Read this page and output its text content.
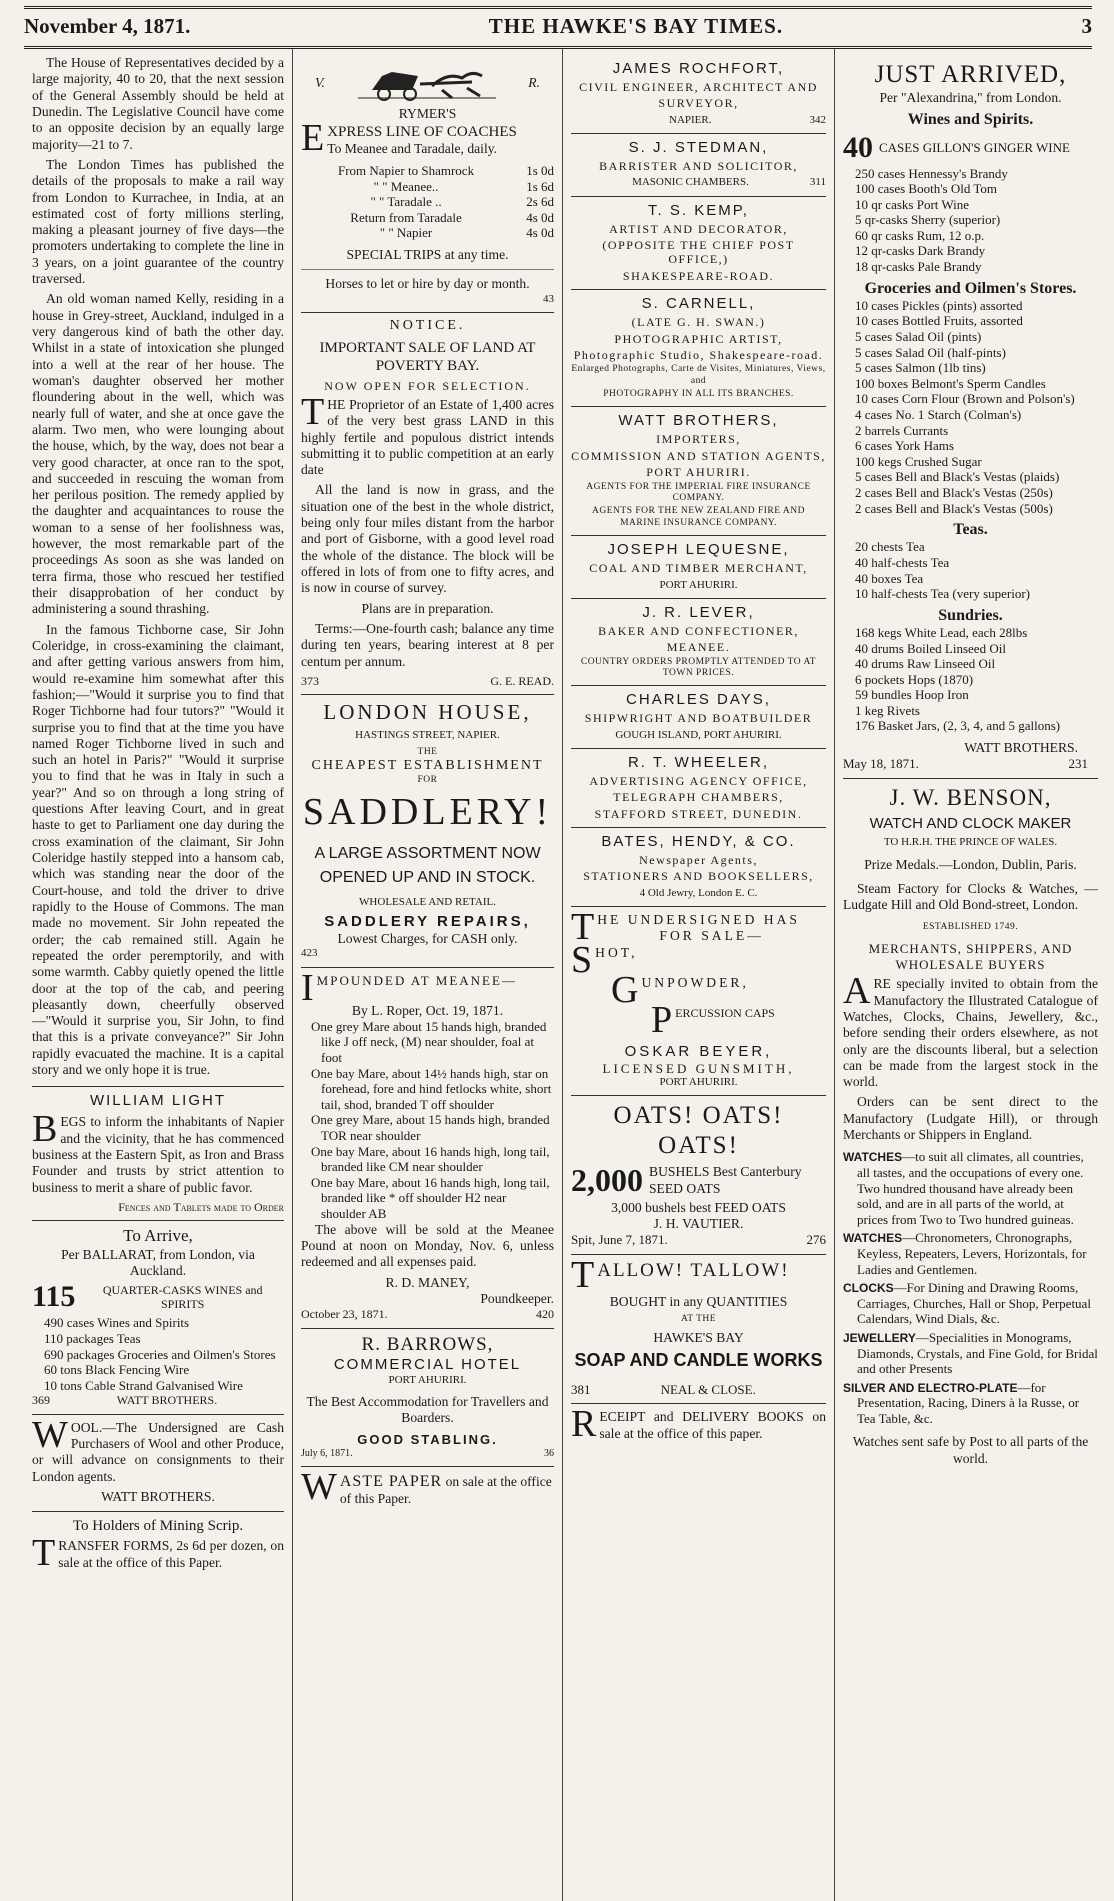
November 4, 1871.	THE HAWKE'S BAY TIMES.	3

The House of Representatives decided by a large majority, 40 to 20, that the next session of the General Assembly should be held at Dunedin. The Legislative Council have come to an opposite decision by an equally large majority—21 to 7.

The London Times has published the details of the proposals to make a rail way from London to Kurrachee, in India, at an estimated cost of forty millions sterling, making a pleasant journey of five days—the promoters undertaking to complete the line in 3 years, on a joint guarantee of the country traversed.

An old woman named Kelly, residing in a house in Grey-street, Auckland, indulged in a very dangerous kind of bath the other day. Whilst in a state of intoxication she plunged into a well at the rear of her house. The woman's daughter observed her mother floundering about in the well, which was nearly full of water, and she at once gave the alarm. Two men, who were lounging about the house, which, by the way, does not bear a very good character, at once ran to the spot, and succeeded in rescuing the woman from her perilous position. The remedy applied by the daughter and acquaintances to rouse the woman to a sense of her foolishness was, however, the most remarkable part of the proceedings As soon as she was landed on terra firma, those who rescued her testified their disapprobation of her conduct by administering a sound thrashing.

In the famous Tichborne case, Sir John Coleridge, in cross-examining the claimant, and after getting various answers from him, would re-examine him somewhat after this fashion;—"Would it surprise you to find that Roger Tichborne had four tutors?" "Would it surprise you to find that at the time you have named Roger Tichborne lived in such and such an hotel in Paris?" "Would it surprise you to find that he was in Italy in such a year?" And so on through a long string of questions After leaving Court, and in great haste to get to Parliament one day during the cross examination of the claimant, Sir John Coleridge hastily stepped into a hansom cab, which was standing near the door of the Court-house, and told the driver to drive rapidly to the House of Commons. The man made no movement. Sir John repeated the order; the cab remained still. Again he repeated the order peremptorily, and with some warmth. Cabby quietly opened the little door at the top of the cab, and peering pleasantly down, cheerfully observed—"Would it surprise you, Sir John, to find that this is a private conveyance?" Sir John rapidly evacuated the machine. It is a capital story and we only hope it is true.

WILLIAM LIGHT

BEGS to inform the inhabitants of Napier and the vicinity, that he has commenced business at the Eastern Spit, as Iron and Brass Founder and trusts by strict attention to business to merit a share of public favor.

Fences and Tablets made to Order
To Arrive,
Per BALLARAT, from London, via Auckland.
115	QUARTER-CASKS WINES and SPIRITS
490 cases Wines and Spirits
110 packages Teas
690 packages Groceries and Oilmen's Stores
60 tons Black Fencing Wire
10 tons Cable Strand Galvanised Wire
369	WATT BROTHERS.

WOOL.—The Undersigned are Cash Purchasers of Wool and other Produce, or will advance on consignments to their London agents.

WATT BROTHERS.
To Holders of Mining Scrip.

TRANSFER FORMS, 2s 6d per dozen, on sale at the office of this Paper.

V.	R.
RYMER'S
EXPRESS LINE OF COACHES
To Meanee and Taradale, daily.
From Napier to Shamrock	1s 0d
" " Meanee..	1s 6d
" " Taradale ..	2s 6d
Return from Taradale	4s 0d
" " Napier	4s 0d
SPECIAL TRIPS at any time.
Horses to let or hire by day or month.
43
NOTICE.
IMPORTANT SALE OF LAND AT POVERTY BAY.
NOW OPEN FOR SELECTION.

THE Proprietor of an Estate of 1,400 acres of the very best grass LAND in this highly fertile and populous district intends submitting it to public competition at an early date

All the land is now in grass, and the situation one of the best in the whole district, being only four miles distant from the harbor and port of Gisborne, with a good level road the whole of the distance. The block will be offered in lots of from one to fifty acres, and is now in course of survey.

Plans are in preparation.

Terms:—One-fourth cash; balance any time during ten years, bearing interest at 8 per centum per annum.

373	G. E. READ.
LONDON HOUSE,
HASTINGS STREET, NAPIER.
THE
CHEAPEST ESTABLISHMENT
FOR
SADDLERY!
A LARGE ASSORTMENT NOW OPENED UP AND IN STOCK.
WHOLESALE AND RETAIL.
SADDLERY REPAIRS,
Lowest Charges, for CASH only.
423
IMPOUNDED AT MEANEE—
By L. Roper, Oct. 19, 1871.
One grey Mare about 15 hands high, branded like J off neck, (M) near shoulder, foal at foot
One bay Mare, about 14½ hands high, star on forehead, fore and hind fetlocks white, short tail, shod, branded T off shoulder
One grey Mare, about 15 hands high, branded TOR near shoulder
One bay Mare, about 16 hands high, long tail, branded like CM near shoulder
One bay Mare, about 16 hands high, long tail, branded like * off shoulder H2 near shoulder AB

The above will be sold at the Meanee Pound at noon on Monday, Nov. 6, unless redeemed and all expenses paid.

R. D. MANEY,
Poundkeeper.
October 23, 1871.	420
R. BARROWS,
COMMERCIAL HOTEL
PORT AHURIRI.
The Best Accommodation for Travellers and Boarders.
GOOD STABLING.
July 6, 1871.	36
WASTE PAPER on sale at the office of this Paper.
JAMES ROCHFORT,
CIVIL ENGINEER, ARCHITECT AND
SURVEYOR,
NAPIER.	342
S. J. STEDMAN,
BARRISTER AND SOLICITOR,
MASONIC CHAMBERS.	311
T. S. KEMP,
ARTIST AND DECORATOR,
(OPPOSITE THE CHIEF POST OFFICE,)
SHAKESPEARE-ROAD.
S. CARNELL,
(LATE G. H. SWAN.)
PHOTOGRAPHIC ARTIST,
Photographic Studio, Shakespeare-road.
Enlarged Photographs, Carte de Visites, Miniatures, Views, and
PHOTOGRAPHY IN ALL ITS BRANCHES.
WATT BROTHERS,
IMPORTERS,
COMMISSION AND STATION AGENTS,
PORT AHURIRI.
AGENTS FOR THE IMPERIAL FIRE INSURANCE COMPANY.
AGENTS FOR THE NEW ZEALAND FIRE AND MARINE INSURANCE COMPANY.
JOSEPH LEQUESNE,
COAL AND TIMBER MERCHANT,
PORT AHURIRI.
J. R. LEVER,
BAKER AND CONFECTIONER,
MEANEE.
COUNTRY ORDERS PROMPTLY ATTENDED TO AT TOWN PRICES.
CHARLES DAYS,
SHIPWRIGHT AND BOATBUILDER
GOUGH ISLAND, PORT AHURIRI.
R. T. WHEELER,
ADVERTISING AGENCY OFFICE,
TELEGRAPH CHAMBERS,
STAFFORD STREET, DUNEDIN.
BATES, HENDY, & CO.
Newspaper Agents,
STATIONERS AND BOOKSELLERS,
4 Old Jewry, London E. C.
THE UNDERSIGNED HAS
FOR SALE—
SHOT,
GUNPOWDER,
PERCUSSION CAPS
OSKAR BEYER,
LICENSED GUNSMITH,
PORT AHURIRI.
OATS! OATS! OATS!
2,000 BUSHELS Best Canterbury SEED OATS
3,000 bushels best FEED OATS
J. H. VAUTIER.
Spit, June 7, 1871.	276
TALLOW! TALLOW!
BOUGHT in any QUANTITIES
AT THE
HAWKE'S BAY
SOAP AND CANDLE WORKS
381	NEAL & CLOSE.

RECEIPT and DELIVERY BOOKS on sale at the office of this paper.

JUST ARRIVED,
Per "Alexandrina," from London.
Wines and Spirits.
40 CASES GILLON'S GINGER WINE
250 cases Hennessy's Brandy
100 cases Booth's Old Tom
10 qr casks Port Wine
5 qr-casks Sherry (superior)
60 qr casks Rum, 12 o.p.
12 qr-casks Dark Brandy
18 qr-casks Pale Brandy
Groceries and Oilmen's Stores.
10 cases Pickles (pints) assorted
10 cases Bottled Fruits, assorted
5 cases Salad Oil (pints)
5 cases Salad Oil (half-pints)
5 cases Salmon (1lb tins)
100 boxes Belmont's Sperm Candles
10 cases Corn Flour (Brown and Polson's)
4 cases No. 1 Starch (Colman's)
2 barrels Currants
6 cases York Hams
100 kegs Crushed Sugar
5 cases Bell and Black's Vestas (plaids)
2 cases Bell and Black's Vestas (250s)
2 cases Bell and Black's Vestas (500s)
Teas.
20 chests Tea
40 half-chests Tea
40 boxes Tea
10 half-chests Tea (very superior)
Sundries.
168 kegs White Lead, each 28lbs
40 drums Boiled Linseed Oil
40 drums Raw Linseed Oil
6 pockets Hops (1870)
59 bundles Hoop Iron
1 keg Rivets
176 Basket Jars, (2, 3, 4, and 5 gallons)
WATT BROTHERS.
May 18, 1871.	231
J. W. BENSON,
WATCH AND CLOCK MAKER
TO H.R.H. THE PRINCE OF WALES.
Prize Medals.—London, Dublin, Paris.

Steam Factory for Clocks & Watches, —Ludgate Hill and Old Bond-street, London.

ESTABLISHED 1749.
MERCHANTS, SHIPPERS, AND WHOLESALE BUYERS

ARE specially invited to obtain from the Manufactory the Illustrated Catalogue of Watches, Clocks, Chains, Jewellery, &c., before sending their orders elsewhere, as not only are the discounts liberal, but a selection can be made from the largest stock in the world.

Orders can be sent direct to the Manufactory (Ludgate Hill), or through Merchants or Shippers in England.

WATCHES—to suit all climates, all countries, all tastes, and the occupations of every one. Two hundred thousand have already been sold, and are in all parts of the world, at prices from Two to Two hundred guineas.
WATCHES—Chronometers, Chronographs, Keyless, Repeaters, Levers, Horizontals, for Ladies and Gentlemen.
CLOCKS—For Dining and Drawing Rooms, Carriages, Churches, Hall or Shop, Perpetual Calendars, Wind Dials, &c.
JEWELLERY—Specialities in Monograms, Diamonds, Crystals, and Fine Gold, for Bridal and other Presents
SILVER AND ELECTRO-PLATE—for Presentation, Racing, Diners à la Russe, or Tea Table, &c.
Watches sent safe by Post to all parts of the world.
